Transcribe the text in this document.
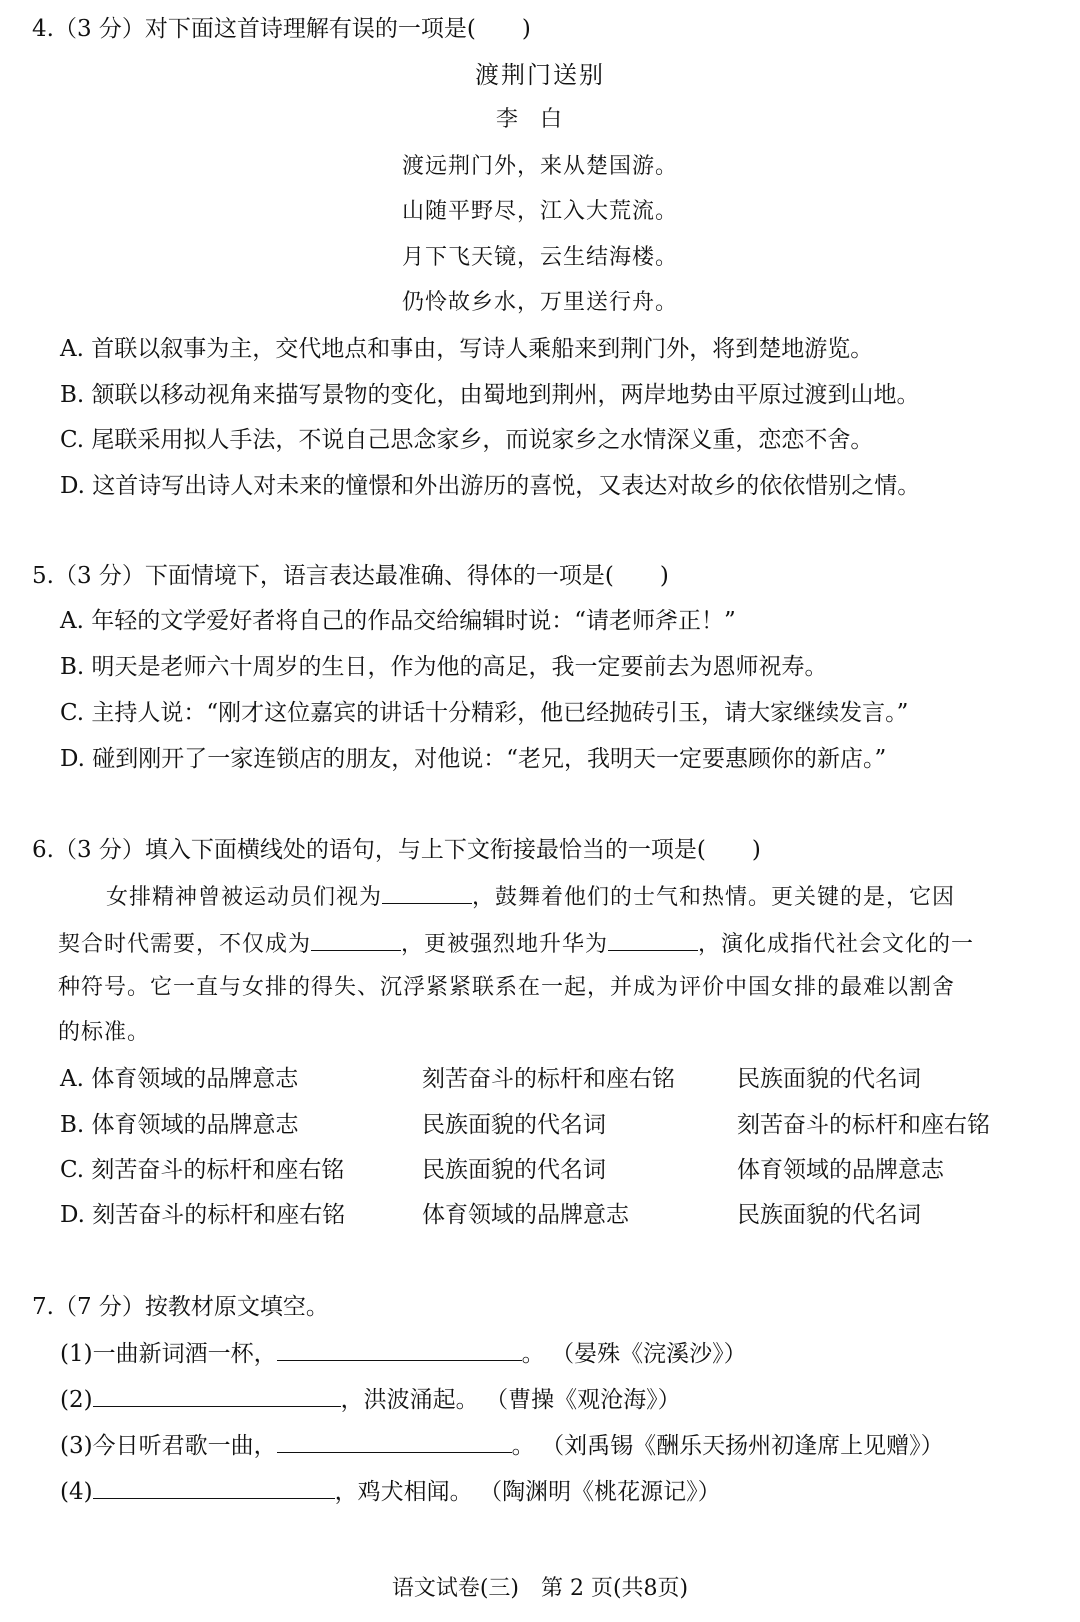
4.（3 分）对下面这首诗理解有误的一项是(　　)
渡荆门送别
李白
渡远荆门外，来从楚国游。
山随平野尽，江入大荒流。
月下飞天镜，云生结海楼。
仍怜故乡水，万里送行舟。
A. 首联以叙事为主，交代地点和事由，写诗人乘船来到荆门外，将到楚地游览。
B. 颔联以移动视角来描写景物的变化，由蜀地到荆州，两岸地势由平原过渡到山地。
C. 尾联采用拟人手法，不说自己思念家乡，而说家乡之水情深义重，恋恋不舍。
D. 这首诗写出诗人对未来的憧憬和外出游历的喜悦，又表达对故乡的依依惜别之情。
5.（3 分）下面情境下，语言表达最准确、得体的一项是(　　)
A. 年轻的文学爱好者将自己的作品交给编辑时说：“请老师斧正！”
B. 明天是老师六十周岁的生日，作为他的高足，我一定要前去为恩师祝寿。
C. 主持人说：“刚才这位嘉宾的讲话十分精彩，他已经抛砖引玉，请大家继续发言。”
D. 碰到刚开了一家连锁店的朋友，对他说：“老兄，我明天一定要惠顾你的新店。”
6.（3 分）填入下面横线处的语句，与上下文衔接最恰当的一项是(　　)
女排精神曾被运动员们视为	，鼓舞着他们的士气和热情。更关键的是，它因
契合时代需要，不仅成为	，更被强烈地升华为	，演化成指代社会文化的一
种符号。它一直与女排的得失、沉浮紧紧联系在一起，并成为评价中国女排的最难以割舍
的标准。
A. 体育领域的品牌意志	刻苦奋斗的标杆和座右铭	民族面貌的代名词
B. 体育领域的品牌意志	民族面貌的代名词	刻苦奋斗的标杆和座右铭
C. 刻苦奋斗的标杆和座右铭	民族面貌的代名词	体育领域的品牌意志
D. 刻苦奋斗的标杆和座右铭	体育领域的品牌意志	民族面貌的代名词
7.（7 分）按教材原文填空。
(1)一曲新词酒一杯，	。 （晏殊《浣溪沙》）
(2)	，洪波涌起。 （曹操《观沧海》）
(3)今日听君歌一曲，	。 （刘禹锡《酬乐天扬州初逢席上见赠》）
(4)	，鸡犬相闻。 （陶渊明《桃花源记》）
语文试卷(三)　第 2 页(共8页)
